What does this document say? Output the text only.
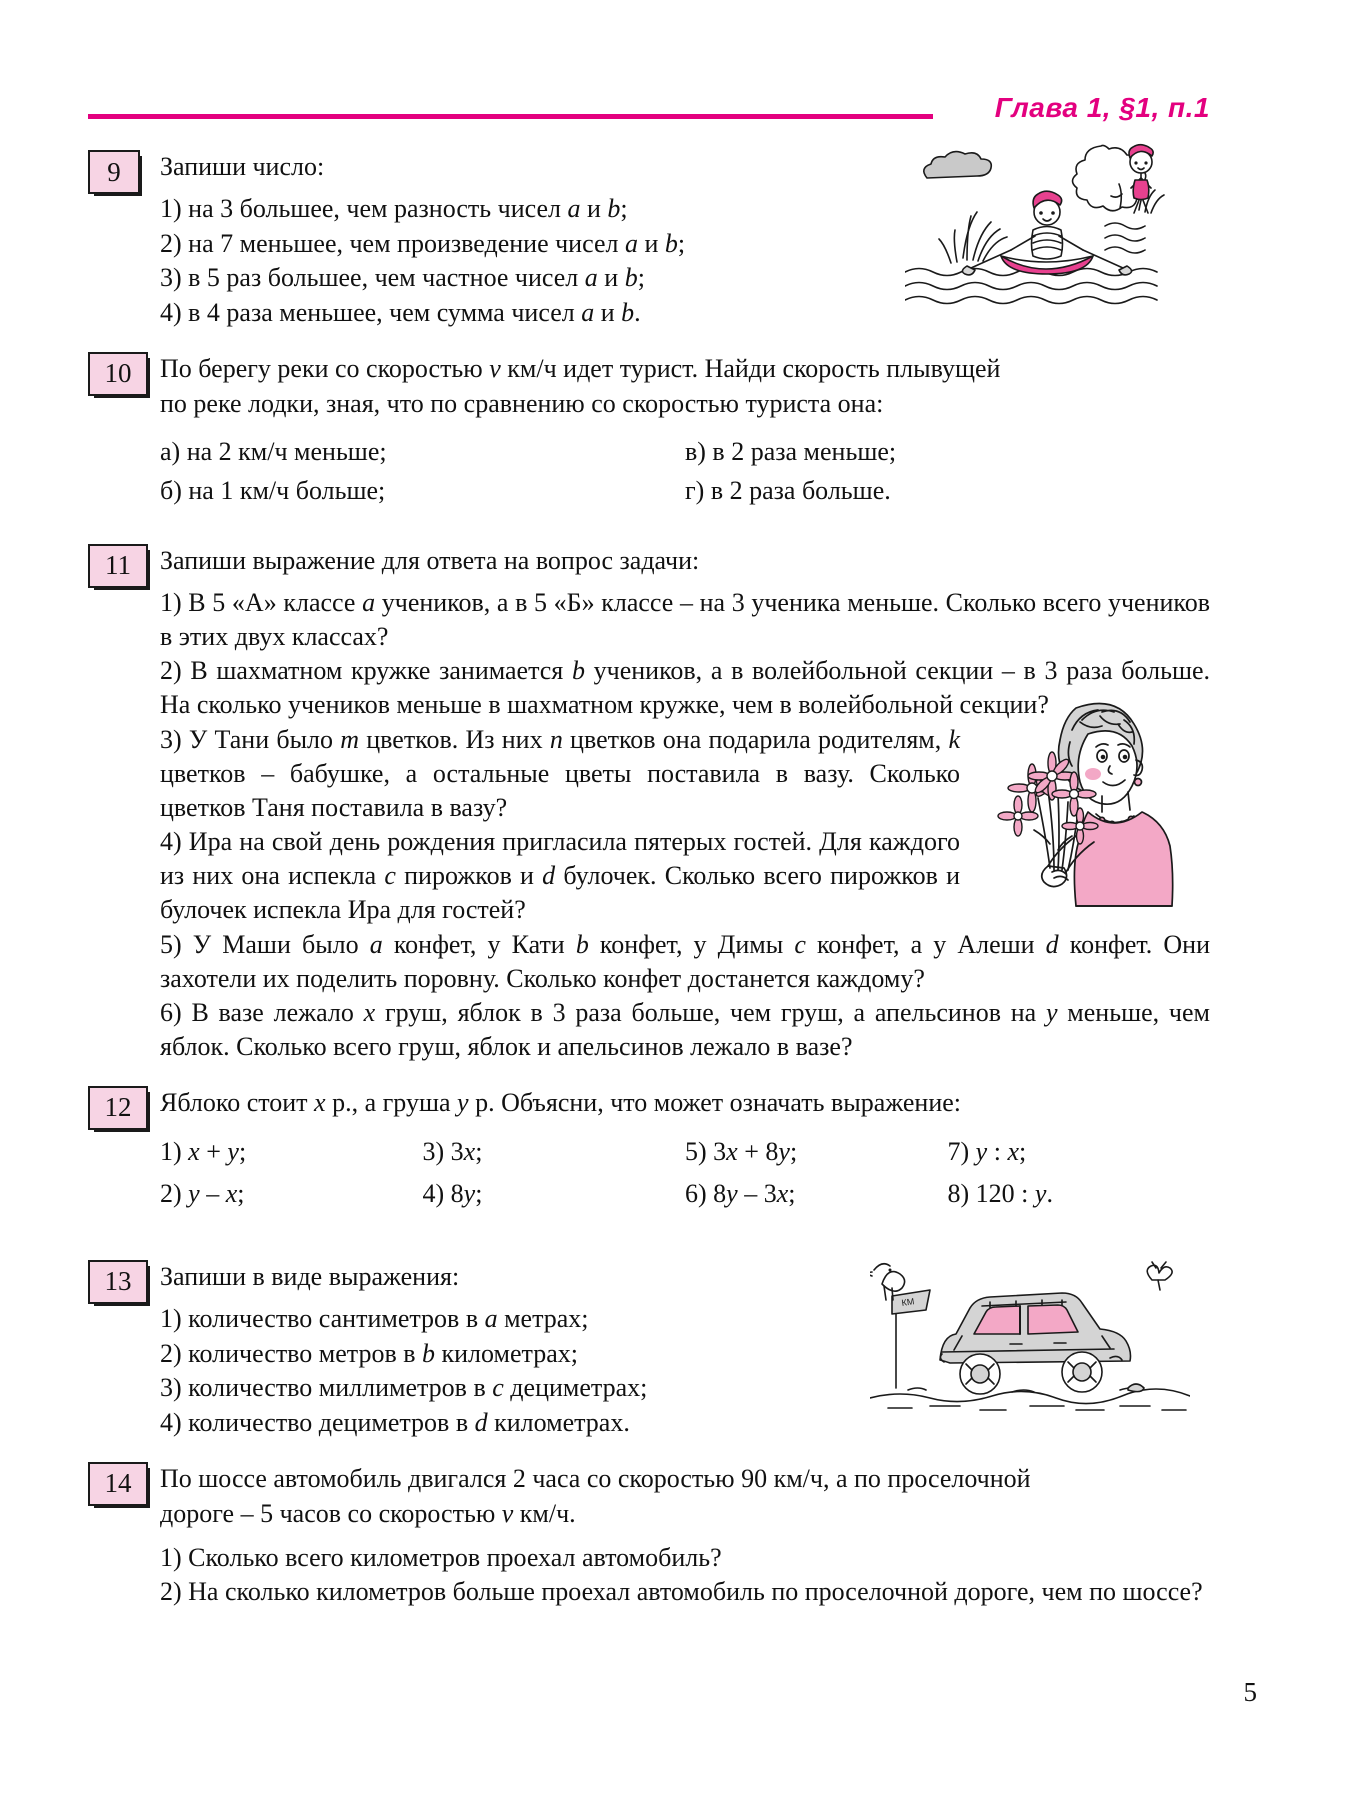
Глава 1, §1, п.1
9	Запиши число:

1) на 3 большее, чем разность чисел a и b;

2) на 7 меньшее, чем произведение чисел a и b;

3) в 5 раз большее, чем частное чисел a и b;

4) в 4 раза меньшее, чем сумма чисел a и b.

10	По берегу реки со скоростью v км/ч идет турист. Найди скорость плывущей

по реке лодки, зная, что по сравнению со скоростью туриста она:

а) на 2 км/ч меньше;	в) в 2 раза меньше;
б) на 1 км/ч больше;	г) в 2 раза больше.
11	Запиши выражение для ответа на вопрос задачи:

1) В 5 «А» классе a учеников, а в 5 «Б» классе – на 3 ученика меньше. Сколько всего учеников в этих двух классах?

2) В шахматном кружке занимается b учеников, а в волейбольной секции – в 3 раза больше. На сколько учеников меньше в шахматном кружке, чем в волейбольной секции?

3) У Тани было m цветков. Из них n цветков она подарила родителям, k цветков – бабушке, а остальные цветы поставила в вазу. Сколько цветков Таня поставила в вазу?

4) Ира на свой день рождения пригласила пятерых гостей. Для каждого из них она испекла c пирожков и d булочек. Сколько всего пирожков и булочек испекла Ира для гостей?

5) У Маши было a конфет, у Кати b конфет, у Димы c конфет, а у Алеши d конфет. Они захотели их поделить поровну. Сколько конфет достанется каждому?

6) В вазе лежало x груш, яблок в 3 раза больше, чем груш, а апельсинов на y меньше, чем яблок. Сколько всего груш, яблок и апельсинов лежало в вазе?

12	Яблоко стоит x р., а груша y р. Объясни, что может означать выражение:

1) x + y;	3) 3x;	5) 3x + 8y;	7) y : x;
2) y – x;	4) 8y;	6) 8y – 3x;	8) 120 : y.
13	Запиши в виде выражения:

1) количество сантиметров в a метрах;

2) количество метров в b километрах;

3) количество миллиметров в c дециметрах;

4) количество дециметров в d километрах.

14	По шоссе автомобиль двигался 2 часа со скоростью 90 км/ч, а по проселочной

дороге – 5 часов со скоростью v км/ч.

1) Сколько всего километров проехал автомобиль?

2) На сколько километров больше проехал автомобиль по проселочной дороге, чем по шоссе?

5
КМ
